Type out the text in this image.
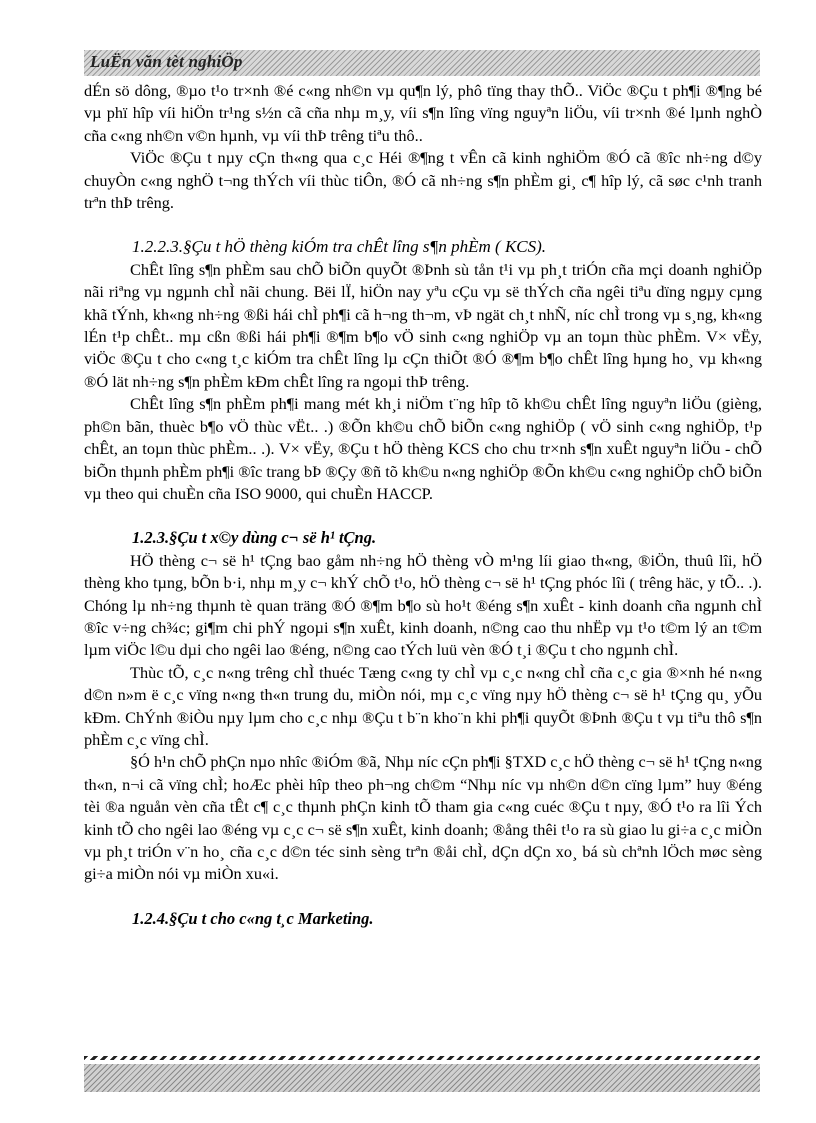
LuËn văn tèt nghiÖp

dÉn sö dông, ®µo t¹o tr×nh ®é c«ng nh©n vµ qu¶n lý, phô tïng thay thÕ.. ViÖc ®Çu t ph¶i ®¶ng bé vµ phï hîp víi hiÖn tr¹ng s½n cã cña nhµ m¸y, víi s¶n lîng vïng nguyªn liÖu, víi tr×nh ®é lµnh nghÒ cña c«ng nh©n v©n hµnh, vµ víi thÞ trêng tiªu thô..

ViÖc ®Çu t nµy cÇn th«ng qua c¸c Héi ®¶ng t vÊn cã kinh nghiÖm ®Ó cã ®îc nh÷ng d©y chuyÒn c«ng nghÖ t¬ng thÝch víi thùc tiÔn, ®Ó cã nh÷ng s¶n phÈm gi¸ c¶ hîp lý, cã søc c¹nh tranh trªn thÞ trêng.

1.2.2.3.§Çu t hÖ thèng kiÓm tra chÊt lîng s¶n phÈm ( KCS).

ChÊt lîng s¶n phÈm sau chÕ biÕn quyÕt ®Þnh sù tån t¹i vµ ph¸t triÓn cña mçi doanh nghiÖp nãi riªng vµ ngµnh chÌ nãi chung. Bëi lÏ, hiÖn nay yªu cÇu vµ së thÝch cña ngêi tiªu dïng ngµy cµng khã tÝnh, kh«ng nh÷ng ®ßi hái chÌ ph¶i cã h¬ng th¬m, vÞ ngät ch¸t nhÑ, níc chÌ trong vµ s¸ng, kh«ng lÉn t¹p chÊt.. mµ cßn ®ßi hái ph¶i ®¶m b¶o vÖ sinh c«ng nghiÖp vµ an toµn thùc phÈm. V× vËy, viÖc ®Çu t cho c«ng t¸c kiÓm tra chÊt lîng lµ cÇn thiÕt ®Ó ®¶m b¶o chÊt lîng hµng ho¸ vµ kh«ng ®Ó lät nh÷ng s¶n phÈm kÐm chÊt lîng ra ngoµi thÞ trêng.

ChÊt lîng s¶n phÈm ph¶i mang mét kh¸i niÖm t¨ng hîp tõ kh©u chÊt lîng nguyªn liÖu (gièng, ph©n bãn, thuèc b¶o vÖ thùc vËt.. .) ®Õn kh©u chÕ biÕn c«ng nghiÖp ( vÖ sinh c«ng nghiÖp, t¹p chÊt, an toµn thùc phÈm.. .). V× vËy, ®Çu t hÖ thèng KCS cho chu tr×nh s¶n xuÊt nguyªn liÖu - chÕ biÕn thµnh phÈm ph¶i ®îc trang bÞ ®Çy ®ñ tõ kh©u n«ng nghiÖp ®Õn kh©u c«ng nghiÖp chÕ biÕn vµ theo qui chuÈn cña ISO 9000, qui chuÈn HACCP.

1.2.3.§Çu t x©y dùng c¬ së h¹ tÇng.

HÖ thèng c¬ së h¹ tÇng bao gåm nh÷ng hÖ thèng vÒ m¹ng líi giao th«ng, ®iÖn, thuû lîi, hÖ thèng kho tµng, bÕn b·i, nhµ m¸y c¬ khÝ chÕ t¹o, hÖ thèng c¬ së h¹ tÇng phóc lîi ( trêng häc, y tÕ.. .). Chóng lµ nh÷ng thµnh tè quan träng ®Ó ®¶m b¶o sù ho¹t ®éng s¶n xuÊt - kinh doanh cña ngµnh chÌ ®îc v÷ng ch¾c; gi¶m chi phÝ ngoµi s¶n xuÊt, kinh doanh, n©ng cao thu nhËp vµ t¹o t©m lý an t©m lµm viÖc l©u dµi cho ngêi lao ®éng, n©ng cao tÝch luü vèn ®Ó t¸i ®Çu t cho ngµnh chÌ.

Thùc tÕ, c¸c n«ng trêng chÌ thuéc Tæng c«ng ty chÌ vµ c¸c n«ng chÌ cña c¸c gia ®×nh hé n«ng d©n n»m ë c¸c vïng n«ng th«n trung du, miÒn nói, mµ c¸c vïng nµy hÖ thèng c¬ së h¹ tÇng qu¸ yÕu kÐm. ChÝnh ®iÒu nµy lµm cho c¸c nhµ ®Çu t b¨n kho¨n khi ph¶i quyÕt ®Þnh ®Çu t vµ tiªu thô s¶n phÈm c¸c vïng chÌ.

§Ó h¹n chÕ phÇn nµo nhîc ®iÓm ®ã, Nhµ níc cÇn ph¶i §TXD c¸c hÖ thèng c¬ së h¹ tÇng n«ng th«n, n¬i cã vïng chÌ; hoÆc phèi hîp theo ph¬ng ch©m “Nhµ níc vµ nh©n d©n cïng lµm” huy ®éng tèi ®a nguån vèn cña tÊt c¶ c¸c thµnh phÇn kinh tÕ tham gia c«ng cuéc ®Çu t nµy, ®Ó t¹o ra lîi Ých kinh tÕ cho ngêi lao ®éng vµ c¸c c¬ së s¶n xuÊt, kinh doanh; ®ång thêi t¹o ra sù giao lu gi÷a c¸c miÒn vµ ph¸t triÓn v¨n ho¸ cña c¸c d©n téc sinh sèng trªn ®åi chÌ, dÇn dÇn xo¸ bá sù chªnh lÖch møc sèng gi÷a miÒn nói vµ miÒn xu«i.

1.2.4.§Çu t cho c«ng t¸c Marketing.
